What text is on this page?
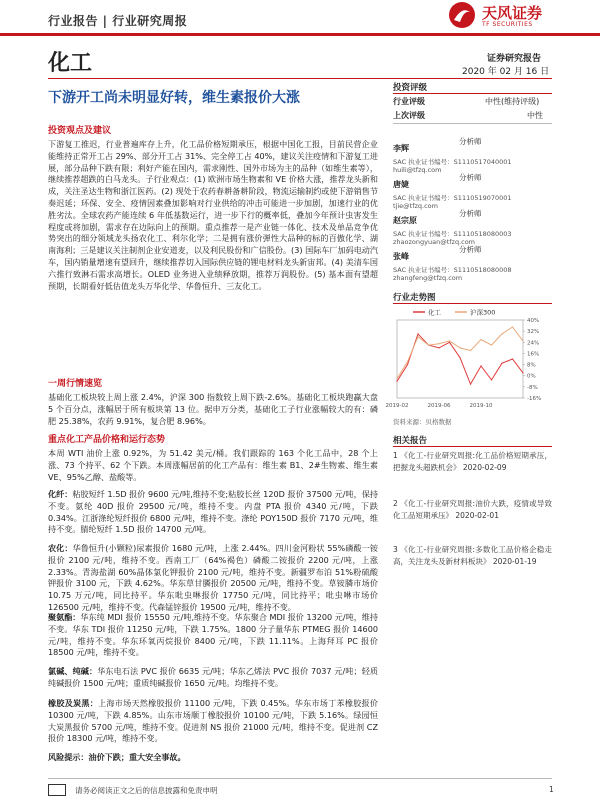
行业报告 | 行业研究周报	天风证券
TF SECURITIES
化工	证券研究报告
2020 年 02 月 16 日
下游开工尚未明显好转，维生素报价大涨
投资观点及建议
下游复工推迟，行业普遍库存上升，化工品价格短期承压，根据中国化工报，目前民营企业能维持正常开工占 29%、部分开工占 31%、完全停工占 40%，建议关注疫情和下游复工进展，部分品种下跌有限；利好产能在国内，需求刚性、国外市场为主的品种（如维生素等），继续推荐超跌的白马龙头。子行业观点：(1) 欧洲市场生物素和 VE 价格大涨，推荐龙头新和成，关注圣达生物和浙江医药。(2) 现处于农药春耕备耕阶段，物流运输制约或使下游销售节奏迟延；环保、安全、疫情因素叠加影响对行业供给的冲击可能进一步加剧，加速行业的优胜劣汰。全球农药产能连续 6 年低基数运行，进一步下行的概率低，叠加今年预计虫害发生程度或将加剧，需求存在边际向上的预期。重点推荐一是产业链一体化、技术及单品竞争优势突出的细分领域龙头扬农化工、利尔化学；二是拥有涨价弹性大品种的标的百傲化学、湖南海利；三是建议关注制剂企业安道麦，以及利民股份和广信股份。(3) 国际车厂加码电动汽车，国内销量增速有望回升，继续推荐切入国际供应链的锂电材料龙头新宙邦。(4) 美清车国六推行致淋石需求高增长。OLED 业务进入业绩释放期，推荐万润股份。(5) 基本面有望超预期，长期看好低估值龙头万华化学、华鲁恒升、三友化工。
一周行情速览
基础化工板块较上周上涨 2.4%，沪深 300 指数较上周下跌-2.6%。基础化工板块跑赢大盘 5 个百分点，涨幅居于所有板块第 13 位。据申万分类，基础化工子行业涨幅较大的有：磷肥 25.38%，农药 9.91%，复合肥 8.96%。
重点化工产品价格和运行态势
本周 WTI 油价上涨 0.92%，为 51.42 美元/桶。我们跟踪的 163 个化工品中，28 个上涨、73 个持平、62 个下跌。本周涨幅居前的化工产品有：维生素 B1、2#生物素、维生素 VE、95%乙醇、盐酸等。
化纤：粘胶短纤 1.5D 报价 9600 元/吨,维持不变;粘胶长丝 120D 报价 37500 元/吨，保持不变。氨纶 40D 报价 29500 元/吨，维持不变。内盘 PTA 报价 4340 元/吨，下跌 0.34%。江浙涤纶短纤报价 6800 元/吨，维持不变。涤纶 POY150D 报价 7170 元/吨，维持不变。腈纶短纤 1.5D 报价 14700 元/吨。
农化：华鲁恒升(小颗粒)尿素报价 1680 元/吨，上涨 2.44%。四川金河粉状 55%磷酸一铵报价 2100 元/吨，维持不变。西南工厂（64%褐色）磷酸二铵报价 2200 元/吨，上涨 2.33%。青海盐湖 60%晶体氯化钾报价 2100 元/吨，维持不变。新疆罗布泊 51%粉硫酸钾报价 3100 元，下跌 4.62%。华东草甘膦报价 20500 元/吨，维持不变。草铵膦市场价 10.75 万元/吨，同比持平。华东吡虫啉报价 17750 元/吨，同比持平；吡虫啉市场价 126500 元/吨，维持不变。代森锰锌报价 19500 元/吨，维持不变。
聚氨酯：华东纯 MDI 报价 15550 元/吨,维持不变。华东聚合 MDI 报价 13200 元/吨，维持不变。华东 TDI 报价 11250 元/吨，下跌 1.75%。1800 分子量华东 PTMEG 报价 14600 元/吨，维持不变。华东环氧丙烷报价 8400 元/吨，下跌 11.11%。上海拜耳 PC 报价 18500 元/吨，维持不变。
氯碱、纯碱：华东电石法 PVC 报价 6635 元/吨；华东乙烯法 PVC 报价 7037 元/吨；轻质纯碱报价 1500 元/吨；重质纯碱报价 1650 元/吨。均维持不变。
橡胶及炭黑：上海市场天然橡胶报价 11100 元/吨，下跌 0.45%。华东市场丁苯橡胶报价 10300 元/吨，下跌 4.85%。山东市场顺丁橡胶报价 10100 元/吨，下跌 5.16%。绿园恒大炭黑报价 5700 元/吨，维持不变。促进剂 NS 报价 21000 元/吨，维持不变。促进剂 CZ 报价 18300 元/吨，维持不变。
风险提示：油价下跌；重大安全事故。
投资评级
行业评级	中性(维持评级)
上次评级	中性
李辉
分析师
SAC 执业证书编号：S1110517040001
huili@tfzq.com
唐婕
分析师
SAC 执业证书编号：S1110519070001
tjie@tfzq.com
赵宗原
分析师
SAC 执业证书编号：S1110518080003
zhaozongyuan@tfzq.com
张峰
分析师
SAC 执业证书编号：S1110518080008
zhangfeng@tfzq.com
行业走势图
化工	沪深300
40%
32%
24%
16%
8%
0%
-8%
-16%
2019-02	2019-06	2019-10
资料来源：贝格数据
相关报告
1 《化工-行业研究周报:化工品价格短期承压，把握龙头超跌机会》 2020-02-09
2 《化工-行业研究周报:油价大跌，疫情或导致化工品短期承压》 2020-02-01
3 《化工-行业研究周报:多数化工品价格企稳走高，关注龙头及新材料板块》 2020-01-19
请务必阅读正文之后的信息披露和免责申明	1
